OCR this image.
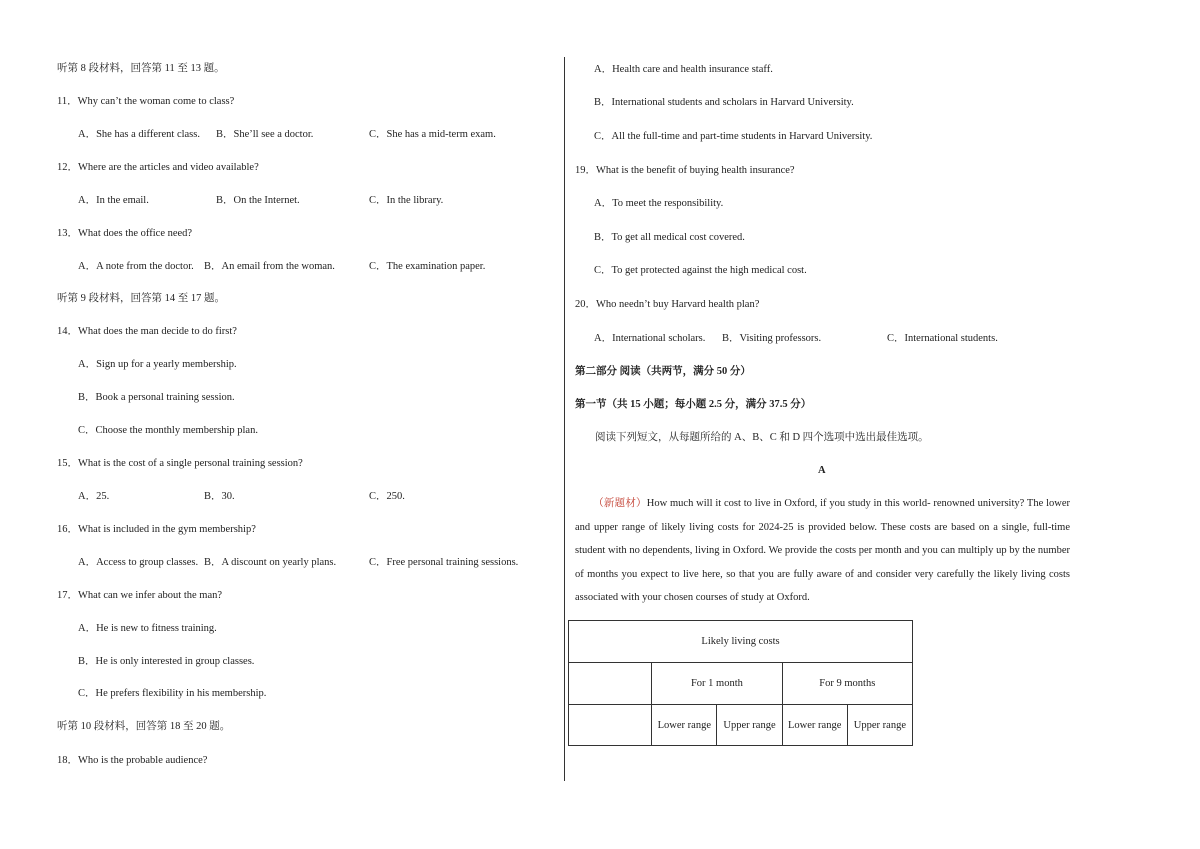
听第 8 段材料，回答第 11 至 13 题。
11．Why can’t the woman come to class?
A．She has a different class. B．She’ll see a doctor.	C．She has a mid-term exam.
12．Where are the articles and video available?
A．In the email.	B．On the Internet.	C．In the library.
13．What does the office need?
A．A note from the doctor. B．An email from the woman.	C．The examination paper.
听第 9 段材料，回答第 14 至 17 题。
14．What does the man decide to do first?
A．Sign up for a yearly membership.
B．Book a personal training session.
C．Choose the monthly membership plan.
15．What is the cost of a single personal training session?
A．25.	B．30.	C．250.
16．What is included in the gym membership?
A．Access to group classes. B．A discount on yearly plans.	C．Free personal training sessions.
17．What can we infer about the man?
A．He is new to fitness training.
B．He is only interested in group classes.
C．He prefers flexibility in his membership.
听第 10 段材料，回答第 18 至 20 题。
18．Who is the probable audience?
A．Health care and health insurance staff.
B．International students and scholars in Harvard University.
C．All the full-time and part-time students in Harvard University.
19．What is the benefit of buying health insurance?
A．To meet the responsibility.
B．To get all medical cost covered.
C．To get protected against the high medical cost.
20．Who needn’t buy Harvard health plan?
A．International scholars. B．Visiting professors.	C．International students.
第二部分 阅读（共两节，满分 50 分）
第一节（共 15 小题；每小题 2.5 分，满分 37.5 分）
阅读下列短文，从每题所给的 A、B、C 和 D 四个选项中选出最佳选项。
A
（新题材）How much will it cost to live in Oxford, if you study in this world- renowned university? The lower and upper range of likely living costs for 2024-25 is provided below. These costs are based on a single, full-time student with no dependents, living in Oxford. We provide the costs per month and you can multiply up by the number of months you expect to live here, so that you are fully aware of and consider very carefully the likely living costs associated with your chosen courses of study at Oxford.
Likely living costs				
	For 1 month		For 9 months	
	Lower range	Upper range	Lower range	Upper range
